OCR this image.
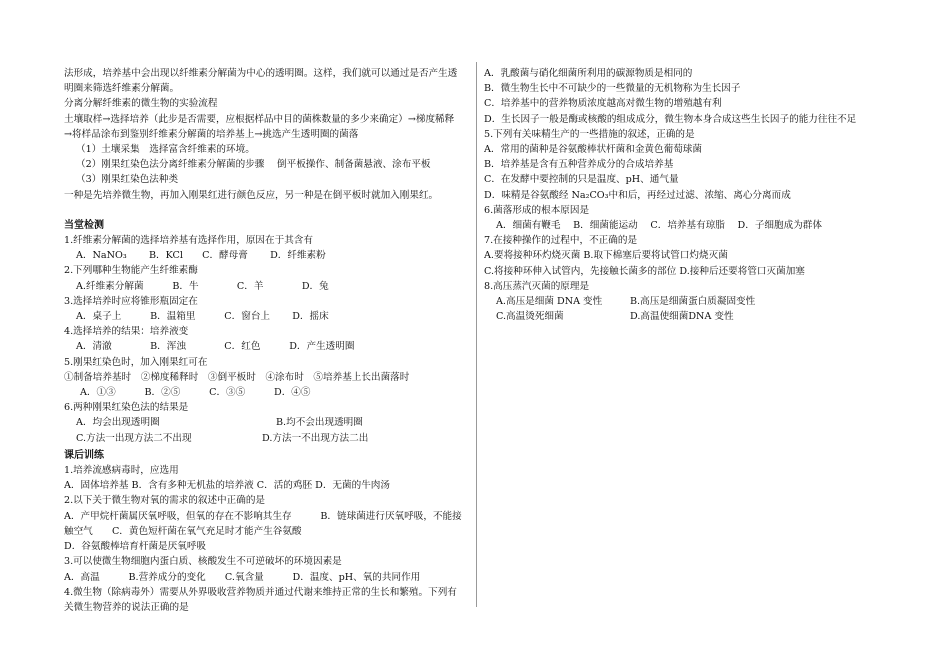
法形成，培养基中会出现以纤维素分解菌为中心的透明圈。这样，我们就可以通过是否产生透
明圈来筛选纤维素分解菌。
分离分解纤维素的微生物的实验流程
土壤取样→选择培养（此步是否需要，应根据样品中目的菌株数量的多少来确定）→梯度稀释
→将样品涂布到鉴别纤维素分解菌的培养基上→挑选产生透明圈的菌落
（1）土壤采集　选择富含纤维素的环境。
（2）刚果红染色法分离纤维素分解菌的步骤　 倒平板操作、制备菌悬液、涂布平板
（3）刚果红染色法种类
一种是先培养微生物，再加入刚果红进行颜色反应，另一种是在倒平板时就加入刚果红。
当堂检测
1.纤维素分解菌的选择培养基有选择作用，原因在于其含有
A．NaNO₃　　 B．KCl　　C．酵母膏　　 D．纤维素粉
2.下列哪种生物能产生纤维素酶
A.纤维素分解菌　　　B．牛　　　　C．羊　　　　D．兔
3.选择培养时应将锥形瓶固定在
A．桌子上　　　B．温箱里　　　C．窗台上　　 D．摇床
4.选择培养的结果：培养液变
A．清澈　　　　B．浑浊　　　　C．红色　　　D．产生透明圈
5.刚果红染色时，加入刚果红可在
①制备培养基时　②梯度稀释时　③倒平板时　④涂布时　⑤培养基上长出菌落时
A．①③　　　B．②⑤　　　C．③⑤　　　D．④⑤
6.两种刚果红染色法的结果是
A．均会出现透明圈	B.均不会出现透明圈
C.方法一出现方法二不出现	D.方法一不出现方法二出
课后训练
1.培养流感病毒时，应选用
A．固体培养基 B．含有多种无机盐的培养液 C．活的鸡胚 D．无菌的牛肉汤
2.以下关于微生物对氧的需求的叙述中正确的是
A．产甲烷杆菌属厌氧呼吸，但氧的存在不影响其生存　　　B．链球菌进行厌氧呼吸，不能接
触空气　　C．黄色短杆菌在氧气充足时才能产生谷氨酸
D．谷氨酸棒培育杆菌是厌氧呼吸
3.可以使微生物细胞内蛋白质、核酸发生不可逆破坏的环境因素是
A．高温　　　B.营养成分的变化　　C.氧含量　　　D．温度、pH、氧的共同作用
4.微生物（除病毒外）需要从外界吸收营养物质并通过代谢来维持正常的生长和繁殖。下列有
关微生物营养的说法正确的是
A．乳酸菌与硝化细菌所利用的碳源物质是相同的
B．微生物生长中不可缺少的一些微量的无机物称为生长因子
C．培养基中的营养物质浓度越高对微生物的增殖越有利
D．生长因子一般是酶或核酸的组成成分，微生物本身合成这些生长因子的能力往往不足
5.下列有关味精生产的一些措施的叙述，正确的是
A．常用的菌种是谷氨酸棒状杆菌和金黄色葡萄球菌
B．培养基是含有五种营养成分的合成培养基
C．在发酵中要控制的只是温度、pH、通气量
D．味精是谷氨酸经 Na₂CO₃中和后，再经过过滤、浓缩、离心分离而成
6.菌落形成的根本原因是
A．细菌有鞭毛　 B．细菌能运动　 C．培养基有琼脂　 D．子细胞成为群体
7.在接种操作的过程中，不正确的是
A.要将接种环灼烧灭菌 B.取下棉塞后要将试管口灼烧灭菌
C.将接种环伸入试管内，先接触长菌多的部位 D.接种后还要将管口灭菌加塞
8.高压蒸汽灭菌的原理是
A.高压是细菌 DNA 变性	B.高压是细菌蛋白质凝固变性
C.高温烫死细菌	D.高温使细菌DNA 变性
